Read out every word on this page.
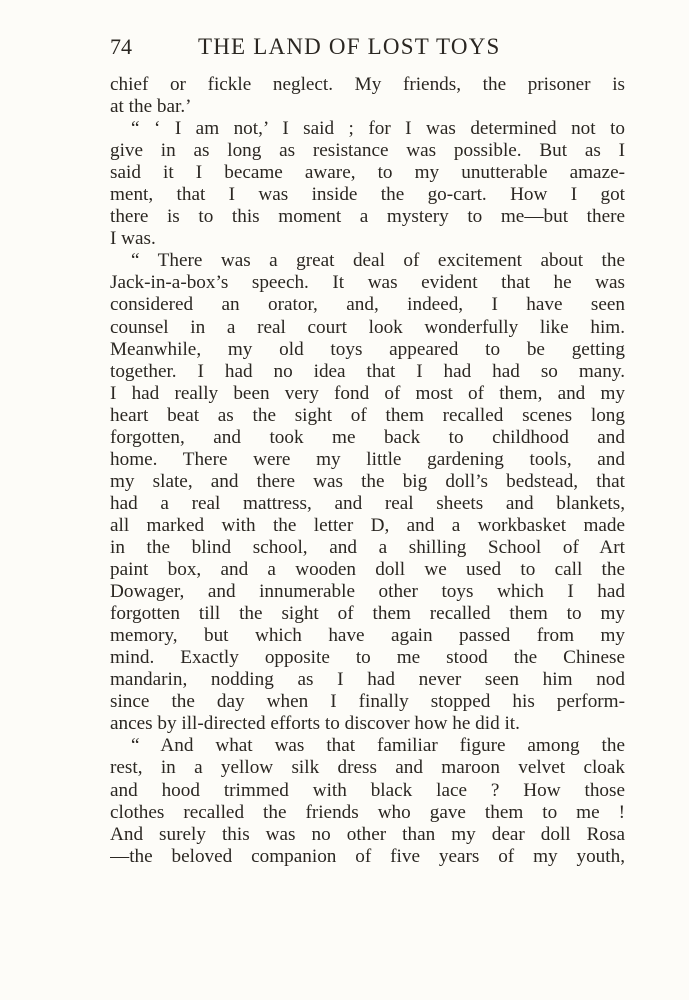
74	THE LAND OF LOST TOYS
chief or fickle neglect. My friends, the prisoner is
at the bar.’
“ ‘ I am not,’ I said ; for I was determined not to
give in as long as resistance was possible. But as I
said it I became aware, to my unutterable amaze-
ment, that I was inside the go-cart. How I got
there is to this moment a mystery to me—but there
I was.
“ There was a great deal of excitement about the
Jack-in-a-box’s speech. It was evident that he was
considered an orator, and, indeed, I have seen
counsel in a real court look wonderfully like him.
Meanwhile, my old toys appeared to be getting
together. I had no idea that I had had so many.
I had really been very fond of most of them, and my
heart beat as the sight of them recalled scenes long
forgotten, and took me back to childhood and
home. There were my little gardening tools, and
my slate, and there was the big doll’s bedstead, that
had a real mattress, and real sheets and blankets,
all marked with the letter D, and a workbasket made
in the blind school, and a shilling School of Art
paint box, and a wooden doll we used to call the
Dowager, and innumerable other toys which I had
forgotten till the sight of them recalled them to my
memory, but which have again passed from my
mind. Exactly opposite to me stood the Chinese
mandarin, nodding as I had never seen him nod
since the day when I finally stopped his perform-
ances by ill-directed efforts to discover how he did it.
“ And what was that familiar figure among the
rest, in a yellow silk dress and maroon velvet cloak
and hood trimmed with black lace ? How those
clothes recalled the friends who gave them to me !
And surely this was no other than my dear doll Rosa
—the beloved companion of five years of my youth,
